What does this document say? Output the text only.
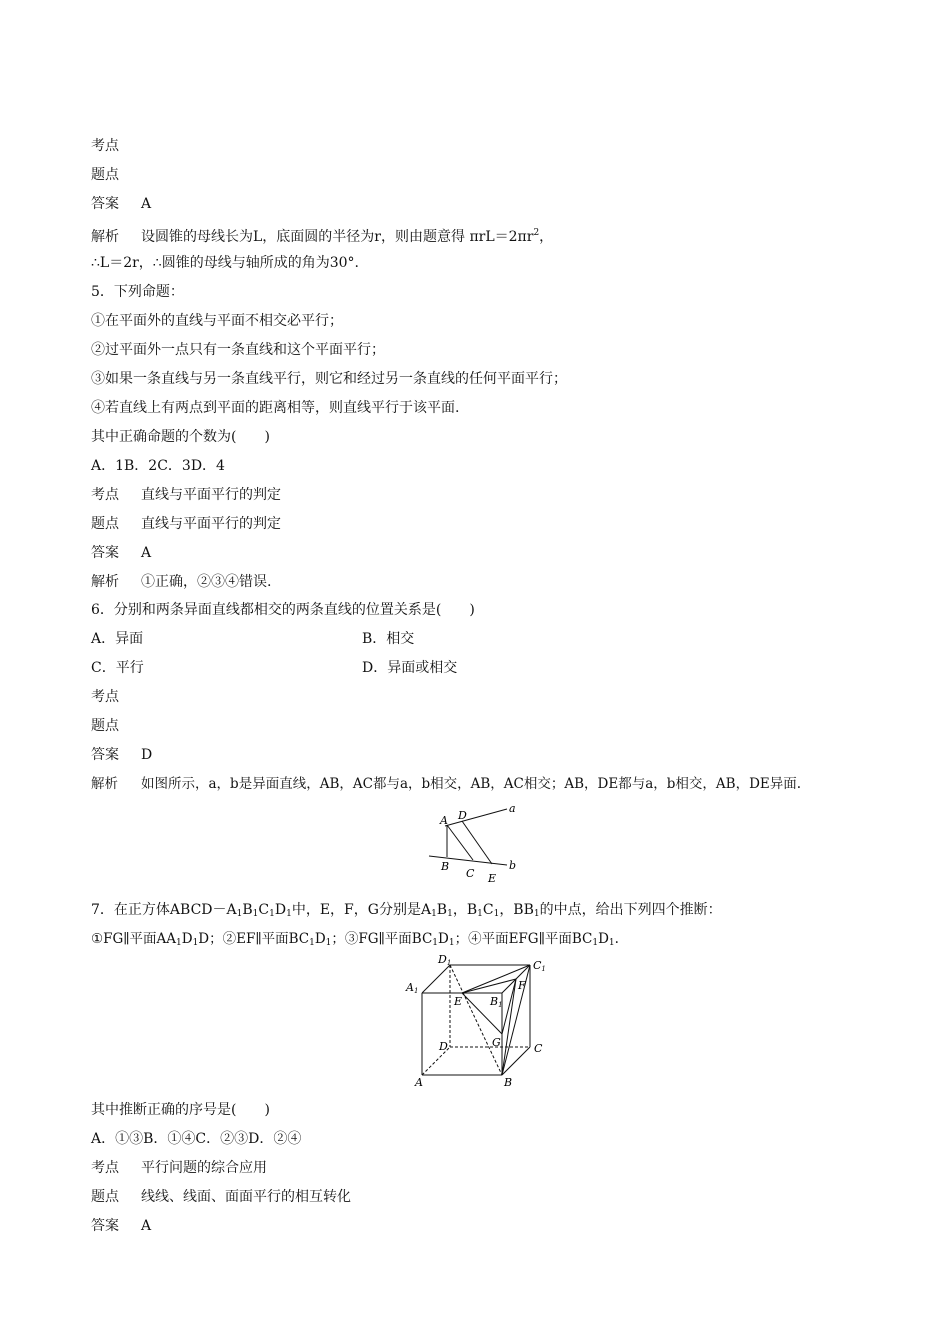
考点
题点
答案 A
解析 设圆锥的母线长为L，底面圆的半径为r，则由题意得 $\pi rL=2\pi r^2$，
∴L＝2r，∴圆锥的母线与轴所成的角为30°.
5．下列命题：
①在平面外的直线与平面不相交必平行；
②过平面外一点只有一条直线和这个平面平行；
③如果一条直线与另一条直线平行，则它和经过另一条直线的任何平面平行；
④若直线上有两点到平面的距离相等，则直线平行于该平面.
其中正确命题的个数为(　　)
A．1B．2C．3D．4
考点 直线与平面平行的判定
题点 直线与平面平行的判定
答案 A
解析 ①正确，②③④错误.
6．分别和两条异面直线都相交的两条直线的位置关系是(　　)
A．异面	B．相交
C．平行	D．异面或相交
考点
题点
答案 D
解析 如图所示，a，b是异面直线，AB，AC都与a，b相交，AB，AC相交；AB，DE都与a，b相交，AB，DE异面.
A D
a
B
C E
b
7．在正方体$ABCD-A_1B_1C_1D_1$中，E，F，G分别是$A_1B_1$，$B_1C_1$，$BB_1$的中点，给出下列四个推断：
①FG∥平面$AA_1D_1D$；②EF∥平面$BC_1D_1$；③FG∥平面$BC_1D_1$；④平面EFG∥平面$BC_1D_1$.
D1	C1
A1
E	B1
F
D	G	C
A	B
其中推断正确的序号是(　　)
A．①③B．①④C．②③D．②④
考点 平行问题的综合应用
题点 线线、线面、面面平行的相互转化
答案 A
